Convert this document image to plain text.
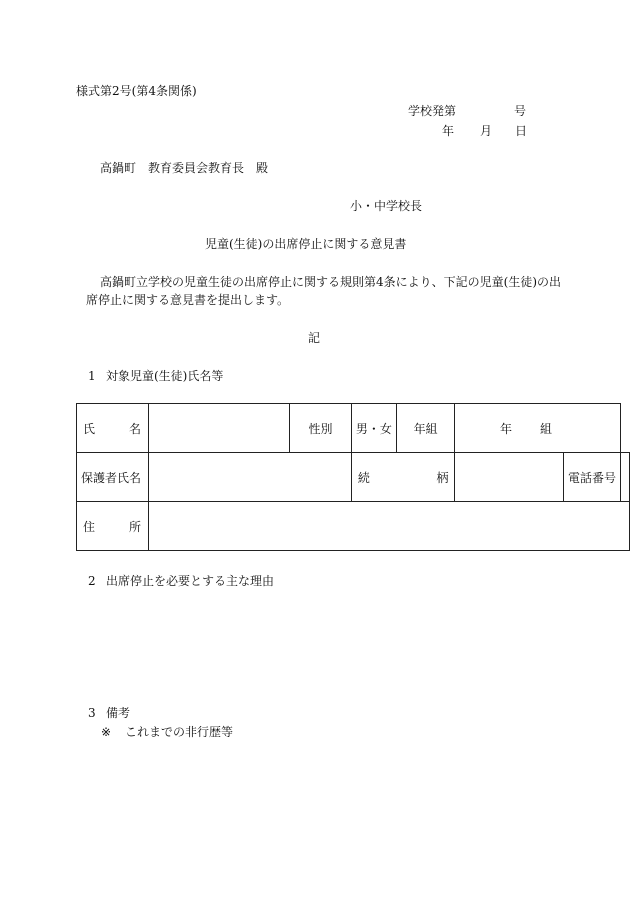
様式第2号(第4条関係)
学校発第	号
年 月 日
高鍋町　教育委員会教育長　殿
小・中学校長
児童(生徒)の出席停止に関する意見書
高鍋町立学校の児童生徒の出席停止に関する規則第4条により、下記の児童(生徒)の出
席停止に関する意見書を提出します。
記
1 対象児童(生徒)氏名等
氏 名		性別	男・女	年組	年 組		

保護者氏名			続 柄			電話番号	

住 所							

2 出席停止を必要とする主な理由
3 備考
※ これまでの非行歴等
